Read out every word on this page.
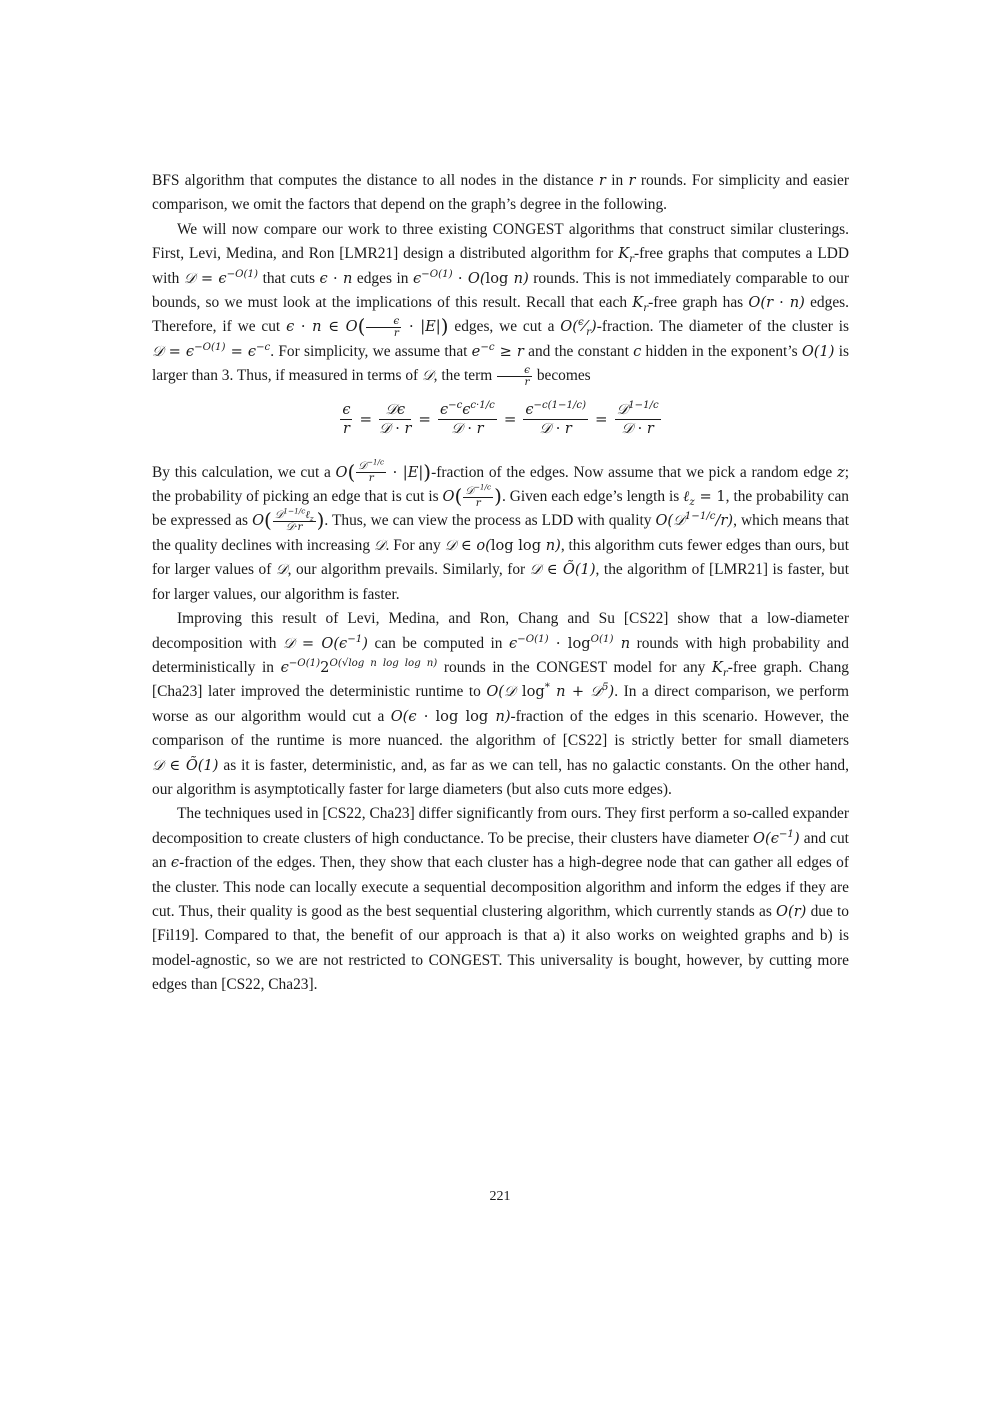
BFS algorithm that computes the distance to all nodes in the distance r in r rounds. For simplicity and easier comparison, we omit the factors that depend on the graph’s degree in the following.

We will now compare our work to three existing CONGEST algorithms that construct similar clusterings. First, Levi, Medina, and Ron [LMR21] design a distributed algorithm for $K_r$-free graphs that computes a LDD with 𝒟 = $\epsilon^{-O(1)}$ that cuts ϵ · n edges in $\epsilon^{-O(1)} \cdot O(\log$ n) rounds. This is not immediately comparable to our bounds, so we must look at the implications of this result. Recall that each $K_r$-free graph has O(r · n) edges. Therefore, if we cut ϵ · n ∈ $O( \frac{\epsilon}{r} \cdot |E|)$ edges, we cut a $O(^\epsilon⁄_r)$-fraction. The diameter of the cluster is 𝒟 = $\epsilon^{-O(1)} = \epsilon^{-c}$. For simplicity, we assume that $e^{-c} \ge r$ and the constant c hidden in the exponent’s O(1) is larger than 3. Thus, if measured in terms of 𝒟, the term $\frac{\epsilon}{r}$ becomes

$\frac{\epsilon}{r}$ =
𝒟ϵ
𝒟 · r
=
$\epsilon^{-c}\epsilon^{c\cdot 1/c}$
𝒟 · r
=
$\epsilon^{-c(1-1/c)}$
𝒟 · r
=
𝒟$^{1-1/c}$
𝒟 · r

By this calculation, we cut a O( 𝒟$^{-1/c}$
r	· |E|)-fraction of the edges. Now assume that we pick a random edge z; the probability of picking an edge that is cut is O( 𝒟$^{-1/c}$
r ). Given each edge’s length is ℓ$_z$ = 1, the probability can be expressed as O( 𝒟$^{1-1/c}$ℓ$_z$
𝒟·r ). Thus, we can view the process as LDD with quality O(𝒟$^{1-1/c}$/r), which means that the quality declines with increasing 𝒟. For any 𝒟 ∈ o(log log n), this algorithm cuts fewer edges than ours, but for larger values of 𝒟, our algorithm prevails. Similarly, for 𝒟 ∈ Õ(1), the algorithm of [LMR21] is faster, but for larger values, our algorithm is faster.

Improving this result of Levi, Medina, and Ron, Chang and Su [CS22] show that a low-diameter decomposition with 𝒟 = $O(\epsilon^{-1})$ can be computed in $\epsilon^{-O(1)} \cdot \log^{O(1)} n$ rounds with high probability and deterministically in $\epsilon^{-O(1)}2^{O(√log n log log n)}$ rounds in the CONGEST model for any $K_r$-free graph. Chang [Cha23] later improved the deterministic runtime to O(𝒟 log* n + 𝒟$^5$). In a direct comparison, we perform worse as our algorithm would cut a O(ϵ · log log n)-fraction of the edges in this scenario. However, the comparison of the runtime is more nuanced. the algorithm of [CS22] is strictly better for small diameters 𝒟 ∈ Õ(1) as it is faster, deterministic, and, as far as we can tell, has no galactic constants. On the other hand, our algorithm is asymptotically faster for large diameters (but also cuts more edges).

The techniques used in [CS22, Cha23] differ significantly from ours. They first perform a so-called expander decomposition to create clusters of high conductance. To be precise, their clusters have diameter $O(\epsilon^{-1})$ and cut an ϵ-fraction of the edges. Then, they show that each cluster has a high-degree node that can gather all edges of the cluster. This node can locally execute a sequential decomposition algorithm and inform the edges if they are cut. Thus, their quality is good as the best sequential clustering algorithm, which currently stands as O(r) due to [Fil19]. Compared to that, the benefit of our approach is that a) it also works on weighted graphs and b) is model-agnostic, so we are not restricted to CONGEST. This universality is bought, however, by cutting more edges than [CS22, Cha23].

221
